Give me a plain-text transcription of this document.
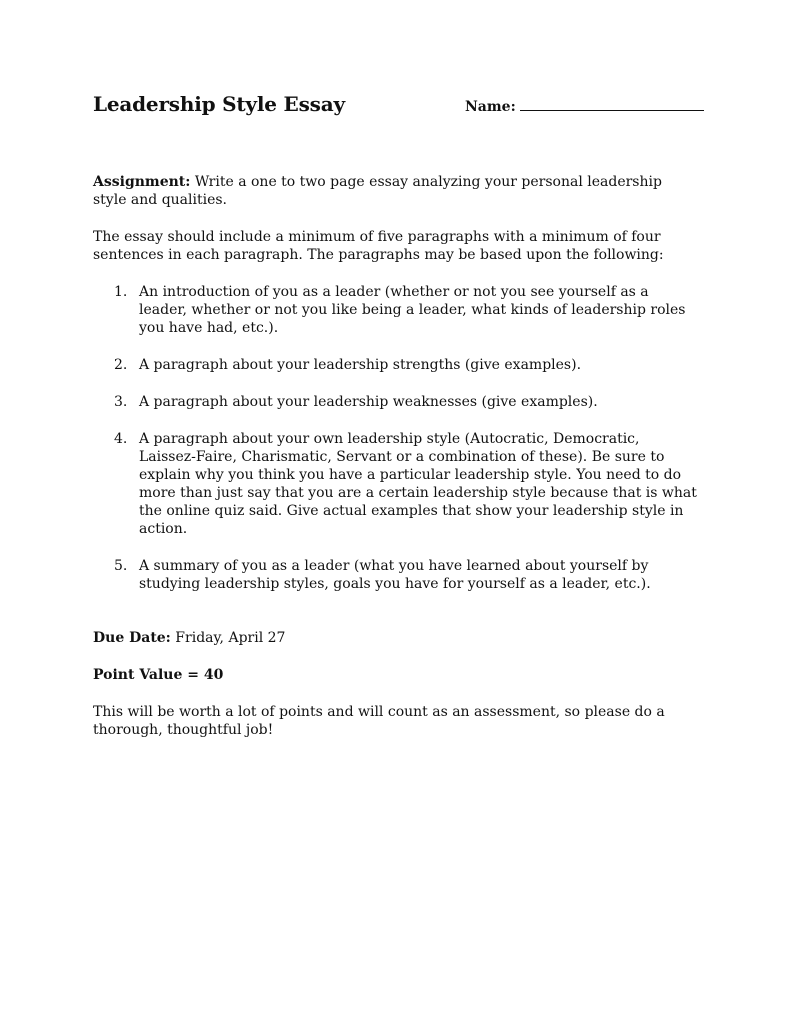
Leadership Style Essay	Name:
Assignment: Write a one to two page essay analyzing your personal leadership style and qualities.
The essay should include a minimum of five paragraphs with a minimum of four sentences in each paragraph. The paragraphs may be based upon the following:
1. An introduction of you as a leader (whether or not you see yourself as a leader, whether or not you like being a leader, what kinds of leadership roles you have had, etc.).
2. A paragraph about your leadership strengths (give examples).
3. A paragraph about your leadership weaknesses (give examples).
4. A paragraph about your own leadership style (Autocratic, Democratic, Laissez-Faire, Charismatic, Servant or a combination of these). Be sure to explain why you think you have a particular leadership style. You need to do more than just say that you are a certain leadership style because that is what the online quiz said. Give actual examples that show your leadership style in action.
5. A summary of you as a leader (what you have learned about yourself by studying leadership styles, goals you have for yourself as a leader, etc.).
Due Date: Friday, April 27
Point Value = 40
This will be worth a lot of points and will count as an assessment, so please do a thorough, thoughtful job!
